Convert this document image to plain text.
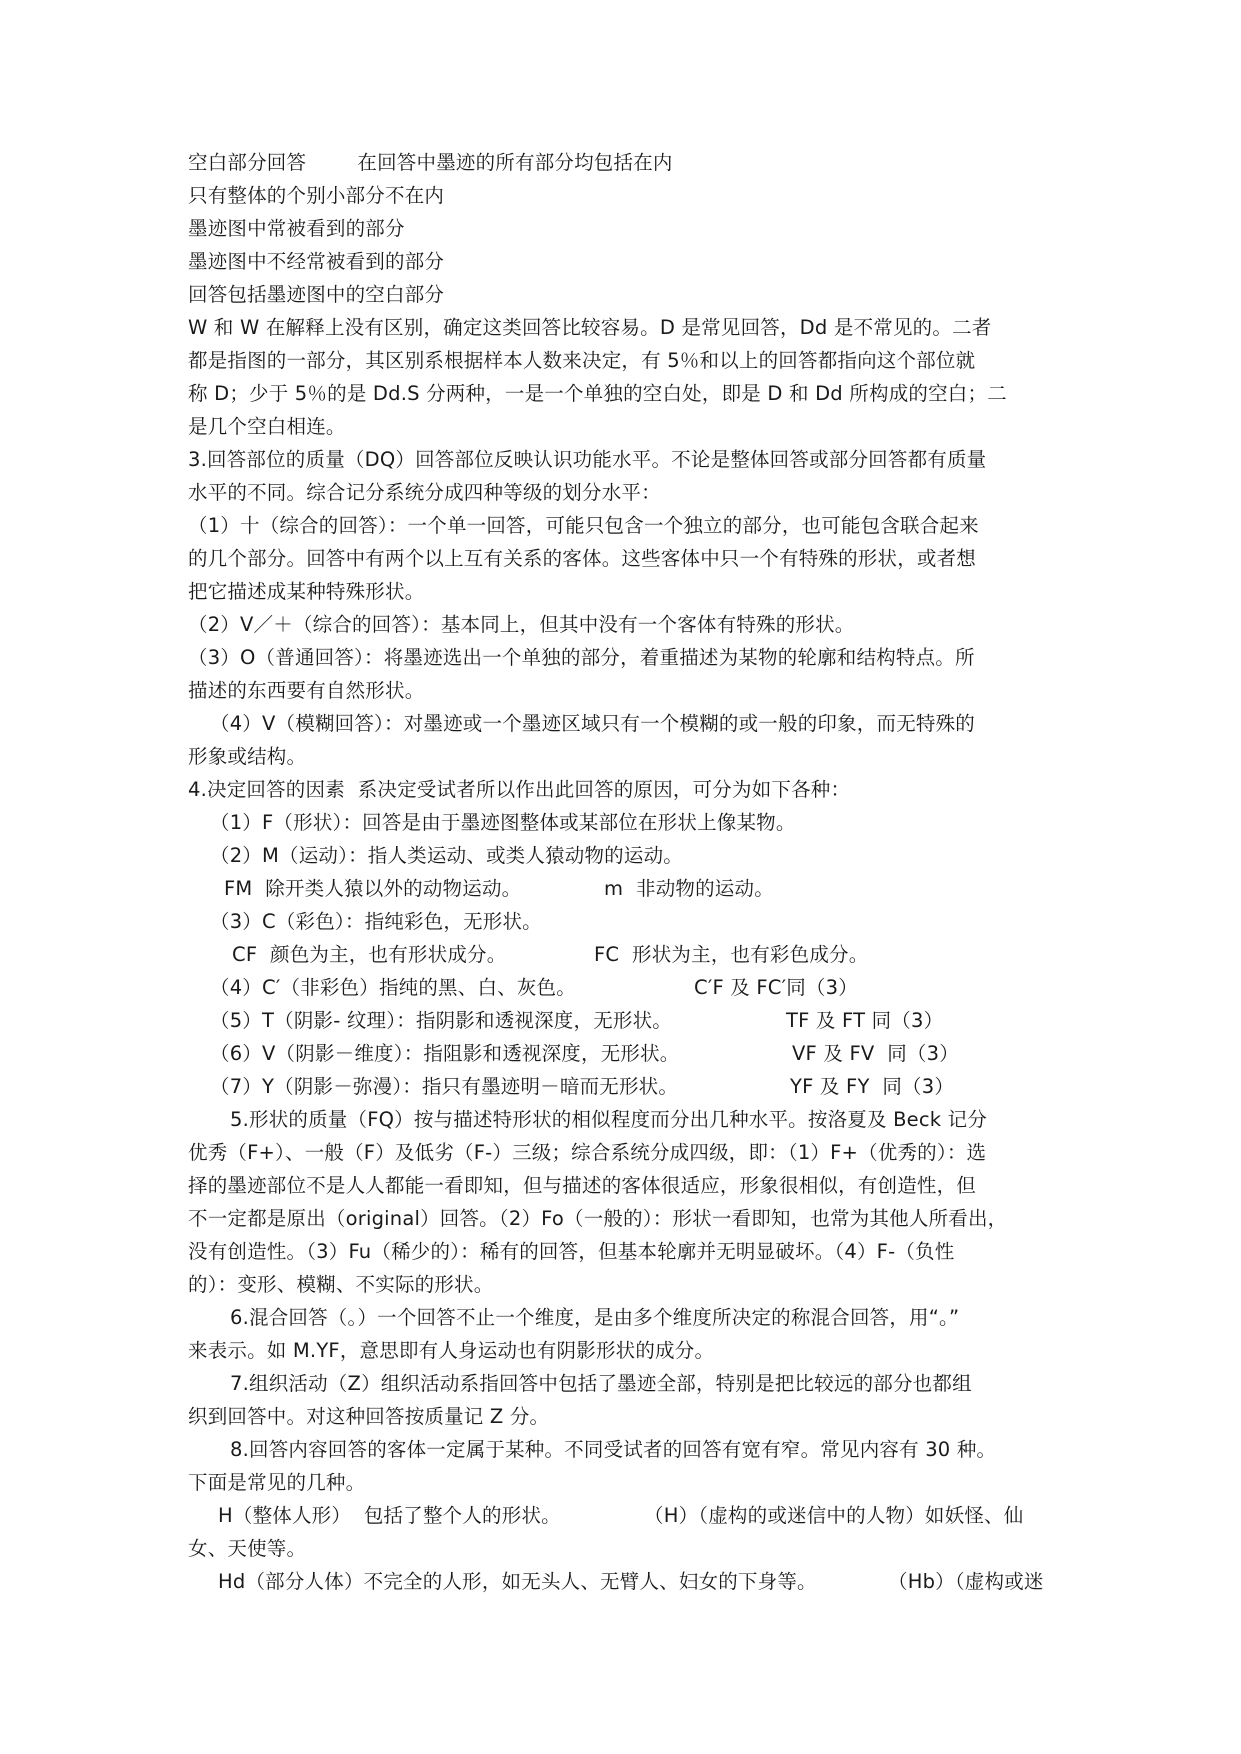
空白部分回答        在回答中墨迹的所有部分均包括在内
只有整体的个别小部分不在内
墨迹图中常被看到的部分
墨迹图中不经常被看到的部分
回答包括墨迹图中的空白部分
W 和 W 在解释上没有区别，确定这类回答比较容易。D 是常见回答，Dd 是不常见的。二者
都是指图的一部分，其区别系根据样本人数来决定，有 5％和以上的回答都指向这个部位就
称 D；少于 5％的是 Dd.S 分两种，一是一个单独的空白处，即是 D 和 Dd 所构成的空白；二
是几个空白相连。
3.回答部位的质量（DQ）回答部位反映认识功能水平。不论是整体回答或部分回答都有质量
水平的不同。综合记分系统分成四种等级的划分水平：
（1）十（综合的回答）：一个单一回答，可能只包含一个独立的部分，也可能包含联合起来
的几个部分。回答中有两个以上互有关系的客体。这些客体中只一个有特殊的形状，或者想
把它描述成某种特殊形状。
（2）V／＋（综合的回答）：基本同上，但其中没有一个客体有特殊的形状。
（3）O（普通回答）：将墨迹选出一个单独的部分，着重描述为某物的轮廓和结构特点。所
描述的东西要有自然形状。
（4）V（模糊回答）：对墨迹或一个墨迹区域只有一个模糊的或一般的印象，而无特殊的
形象或结构。
4.决定回答的因素  系决定受试者所以作出此回答的原因，可分为如下各种：
（1）F（形状）：回答是由于墨迹图整体或某部位在形状上像某物。
（2）M（运动）：指人类运动、或类人猿动物的运动。
FM  除开类人猿以外的动物运动。	m  非动物的运动。
（3）C（彩色）：指纯彩色，无形状。
CF  颜色为主，也有形状成分。	FC  形状为主，也有彩色成分。
（4）C′（非彩色）指纯的黑、白、灰色。	C′F 及 FC′同（3）
（5）T（阴影- 纹理）：指阴影和透视深度，无形状。	TF 及 FT 同（3）
（6）V（阴影－维度）：指阻影和透视深度，无形状。	VF 及 FV  同（3）
（7）Y（阴影－弥漫）：指只有墨迹明－暗而无形状。	YF 及 FY  同（3）
5.形状的质量（FQ）按与描述特形状的相似程度而分出几种水平。按洛夏及 Beck 记分
优秀（F+）、一般（F）及低劣（F-）三级；综合系统分成四级，即：（1）F+（优秀的）：选
择的墨迹部位不是人人都能一看即知，但与描述的客体很适应，形象很相似，有创造性，但
不一定都是原出（original）回答。（2）Fo（一般的）：形状一看即知，也常为其他人所看出，
没有创造性。（3）Fu（稀少的）：稀有的回答，但基本轮廓并无明显破坏。（4）F-（负性
的）：变形、模糊、不实际的形状。
6.混合回答（。）一个回答不止一个维度，是由多个维度所决定的称混合回答，用“。”
来表示。如 M.YF，意思即有人身运动也有阴影形状的成分。
7.组织活动（Z）组织活动系指回答中包括了墨迹全部，特别是把比较远的部分也都组
织到回答中。对这种回答按质量记 Z 分。
8.回答内容回答的客体一定属于某种。不同受试者的回答有宽有窄。常见内容有 30 种。
下面是常见的几种。
H（整体人形）  包括了整个人的形状。	（H）（虚构的或迷信中的人物）如妖怪、仙
女、天使等。
Hd（部分人体）不完全的人形，如无头人、无臂人、妇女的下身等。	（Hb）（虚构或迷
